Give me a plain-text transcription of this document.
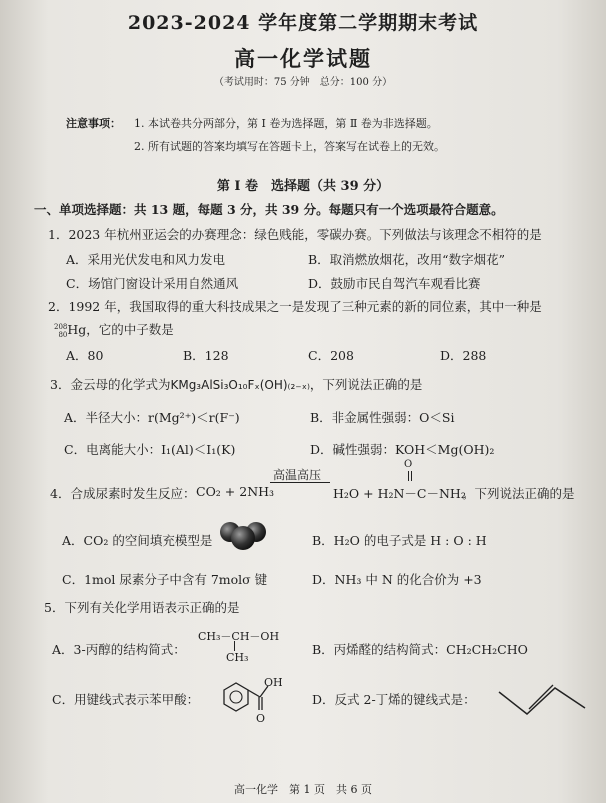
2023-2024 学年度第二学期期末考试
高一化学试题
（考试用时：75 分钟　总分：100 分）
注意事项： 1. 本试卷共分两部分，第 Ⅰ 卷为选择题，第 Ⅱ 卷为非选择题。
2. 所有试题的答案均填写在答题卡上，答案写在试卷上的无效。
第 Ⅰ 卷　选择题（共 39 分）
一、单项选择题：共 13 题，每题 3 分，共 39 分。每题只有一个选项最符合题意。
1．2023 年杭州亚运会的办赛理念：绿色贱能，零碳办赛。下列做法与该理念不相符的是
A．采用光伏发电和风力发电	B．取消燃放烟花，改用“数字烟花”
C．场馆门窗设计采用自然通风	D．鼓励市民自驾汽车观看比赛
2．1992 年，我国取得的重大科技成果之一是发现了三种元素的新的同位素，其中一种是
208
80Hg，它的中子数是
A．80	B．128	C．208	D．288
3．金云母的化学式为KMg₃AlSi₃O₁₀Fₓ(OH)₍₂₋ₓ₎，下列说法正确的是
A．半径大小：r(Mg²⁺)＜r(F⁻)	B．非金属性强弱：O＜Si
C．电离能大小：I₁(Al)＜I₁(K)	D．碱性强弱：KOH＜Mg(OH)₂
4．合成尿素时发生反应： CO₂ + 2NH₃
高温高压
O
H₂O + H₂N－C－NH₂
。下列说法正确的是
A．CO₂ 的空间填充模型是	B．H₂O 的电子式是 H : O : H
C．1mol 尿素分子中含有 7molσ 键	D．NH₃ 中 N 的化合价为 +3
5．下列有关化学用语表示正确的是
A．3-丙醇的结构简式：
CH₃－CH－OH
CH₃
B．丙烯醛的结构简式：CH₂CH₂CHO
C．用键线式表示苯甲酸：
OH
O
D．反式 2-丁烯的键线式是：
高一化学　第 1 页　共 6 页
